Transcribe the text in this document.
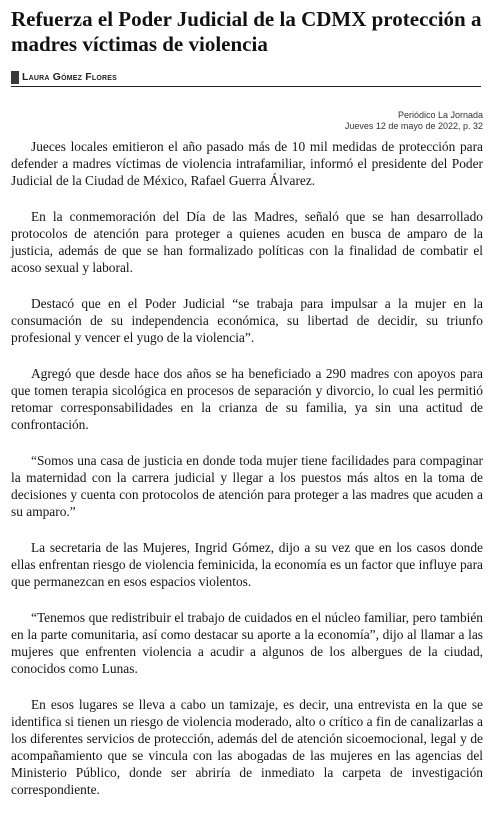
Refuerza el Poder Judicial de la CDMX protección a madres víctimas de violencia
Laura Gómez Flores
Periódico La Jornada
Jueves 12 de mayo de 2022, p. 32

Jueces locales emitieron el año pasado más de 10 mil medidas de protección para defender a madres víctimas de violencia intrafamiliar, informó el presidente del Poder Judicial de la Ciudad de México, Rafael Guerra Álvarez.

En la conmemoración del Día de las Madres, señaló que se han desarrollado protocolos de atención para proteger a quienes acuden en busca de amparo de la justicia, además de que se han formalizado políticas con la finalidad de combatir el acoso sexual y laboral.

Destacó que en el Poder Judicial “se trabaja para impulsar a la mujer en la consumación de su independencia económica, su libertad de decidir, su triunfo profesional y vencer el yugo de la violencia”.

Agregó que desde hace dos años se ha beneficiado a 290 madres con apoyos para que tomen terapia sicológica en procesos de separación y divorcio, lo cual les permitió retomar corresponsabilidades en la crianza de su familia, ya sin una actitud de confrontación.

“Somos una casa de justicia en donde toda mujer tiene facilidades para compaginar la maternidad con la carrera judicial y llegar a los puestos más altos en la toma de decisiones y cuenta con protocolos de atención para proteger a las madres que acuden a su amparo.”

La secretaria de las Mujeres, Ingrid Gómez, dijo a su vez que en los casos donde ellas enfrentan riesgo de violencia feminicida, la economía es un factor que influye para que permanezcan en esos espacios violentos.

“Tenemos que redistribuir el trabajo de cuidados en el núcleo familiar, pero también en la parte comunitaria, así como destacar su aporte a la economía”, dijo al llamar a las mujeres que enfrenten violencia a acudir a algunos de los albergues de la ciudad, conocidos como Lunas.

En esos lugares se lleva a cabo un tamizaje, es decir, una entrevista en la que se identifica si tienen un riesgo de violencia moderado, alto o crítico a fin de canalizarlas a los diferentes servicios de protección, además del de atención sicoemocional, legal y de acompañamiento que se vincula con las abogadas de las mujeres en las agencias del Ministerio Público, donde ser abriría de inmediato la carpeta de investigación correspondiente.
